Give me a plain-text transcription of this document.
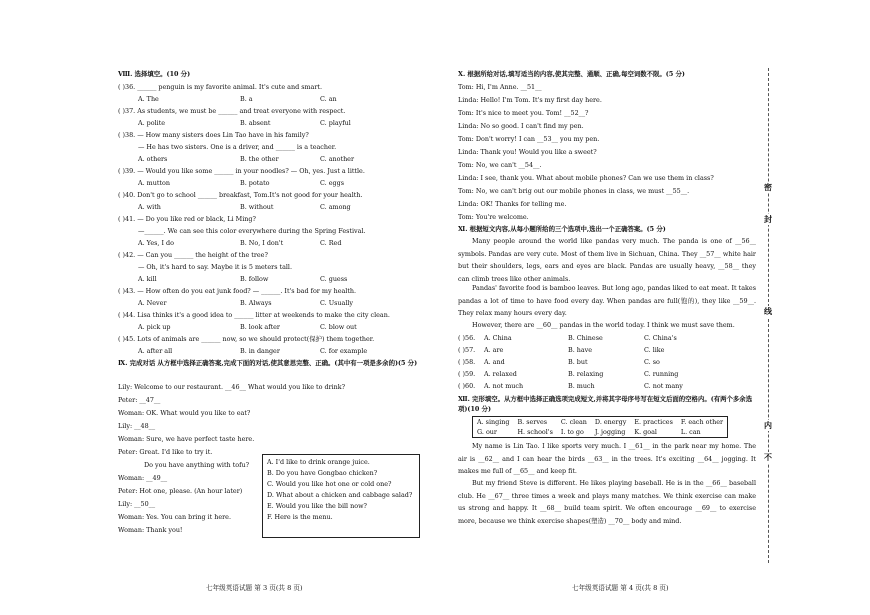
Ⅷ. 选择填空。(10 分)
( )36. ______ penguin is my favorite animal. It's cute and smart.
A. The	B. a	C. an
( )37. As students, we must be ______ and treat everyone with respect.
A. polite	B. absent	C. playful
( )38. — How many sisters does Lin Tao have in his family?
— He has two sisters. One is a driver, and ______ is a teacher.
A. others	B. the other	C. another
( )39. — Would you like some ______ in your noodles? — Oh, yes. Just a little.
A. mutton	B. potato	C. eggs
( )40. Don't go to school ______ breakfast, Tom.It's not good for your health.
A. with	B. without	C. among
( )41. — Do you like red or black, Li Ming?
—______. We can see this color everywhere during the Spring Festival.
A. Yes, I do	B. No, I don't	C. Red
( )42. — Can you ______ the height of the tree?
— Oh, it's hard to say. Maybe it is 5 meters tall.
A. kill	B. follow	C. guess
( )43. — How often do you eat junk food? — ______. It's bad for my health.
A. Never	B. Always	C. Usually
( )44. Lisa thinks it's a good idea to ______ litter at weekends to make the city clean.
A. pick up	B. look after	C. blow out
( )45. Lots of animals are ______ now, so we should protect(保护) them together.
A. after all	B. in danger	C. for example
Ⅸ. 完成对话 从方框中选择正确答案,完成下面的对话,使其意思完整、正确。(其中有一项是多余的)(5 分)
Lily: Welcome to our restaurant. __46__ What would you like to drink?
Peter: __47__
Woman: OK. What would you like to eat?
Lily: __48__
Woman: Sure, we have perfect taste here.
Peter: Great. I'd like to try it.
Do you have anything with tofu?
Woman: __49__
Peter: Hot one, please. (An hour later)
Lily: __50__
Woman: Yes. You can bring it here.
Woman: Thank you!
A. I'd like to drink orange juice.
B. Do you have Gongbao chicken?
C. Would you like hot one or cold one?
D. What about a chicken and cabbage salad?
E. Would you like the bill now?
F. Here is the menu.
七年级英语试题 第 3 页(共 8 页)
Ⅹ. 根据所给对话,填写适当的内容,使其完整、通顺、正确,每空词数不限。(5 分)
Tom: Hi, I'm Anne. __51__
Linda: Hello! I'm Tom. It's my first day here.
Tom: It's nice to meet you. Tom! __52__?
Linda: No so good. I can't find my pen.
Tom: Don't worry! I can __53__ you my pen.
Linda: Thank you! Would you like a sweet?
Tom: No, we can't __54__.
Linda: I see, thank you. What about mobile phones? Can we use them in class?
Tom: No, we can't brig out our mobile phones in class, we must __55__.
Linda: OK! Thanks for telling me.
Tom: You're welcome.
Ⅺ. 根据短文内容,从每小题所给的三个选项中,选出一个正确答案。(5 分)
Many people around the world like pandas very much. The panda is one of __56__ symbols. Pandas are very cute. Most of them live in Sichuan, China. They __57__ white hair but their shoulders, legs, ears and eyes are black. Pandas are usually heavy, __58__ they can climb trees like other animals.
Pandas' favorite food is bamboo leaves. But long ago, pandas liked to eat meat. It takes pandas a lot of time to have food every day. When pandas are full(饱的), they like __59__. They relax many hours every day.
However, there are __60__ pandas in the world today. I think we must save them.
( )56. A. China	B. Chinese	C. China's
( )57. A. are	B. have	C. like
( )58. A. and	B. but	C. so
( )59. A. relaxed	B. relaxing	C. running
( )60. A. not much	B. much	C. not many
Ⅻ. 完形填空。从方框中选择正确选项完成短文,并将其字母序号写在短文后面的空格内。(有两个多余选项)(10 分)
A. singing	B. serves	C. clean	D. energy	E. practices	F. each other
G. our	H. school's	I. to go	J. jogging	K. goal	L. can
My name is Lin Tao. I like sports very much. I __61__ in the park near my home. The air is __62__ and I can hear the birds __63__ in the trees. It's exciting __64__ jogging. It makes me full of __65__ and keep fit.
But my friend Steve is different. He likes playing baseball. He is in the __66__ baseball club. He __67__ three times a week and plays many matches. We think exercise can make us strong and happy. It __68__ build team spirit. We often encourage __69__ to exercise more, because we think exercise shapes(塑造) __70__ body and mind.
七年级英语试题 第 4 页(共 8 页)
密
封
线
内
不
